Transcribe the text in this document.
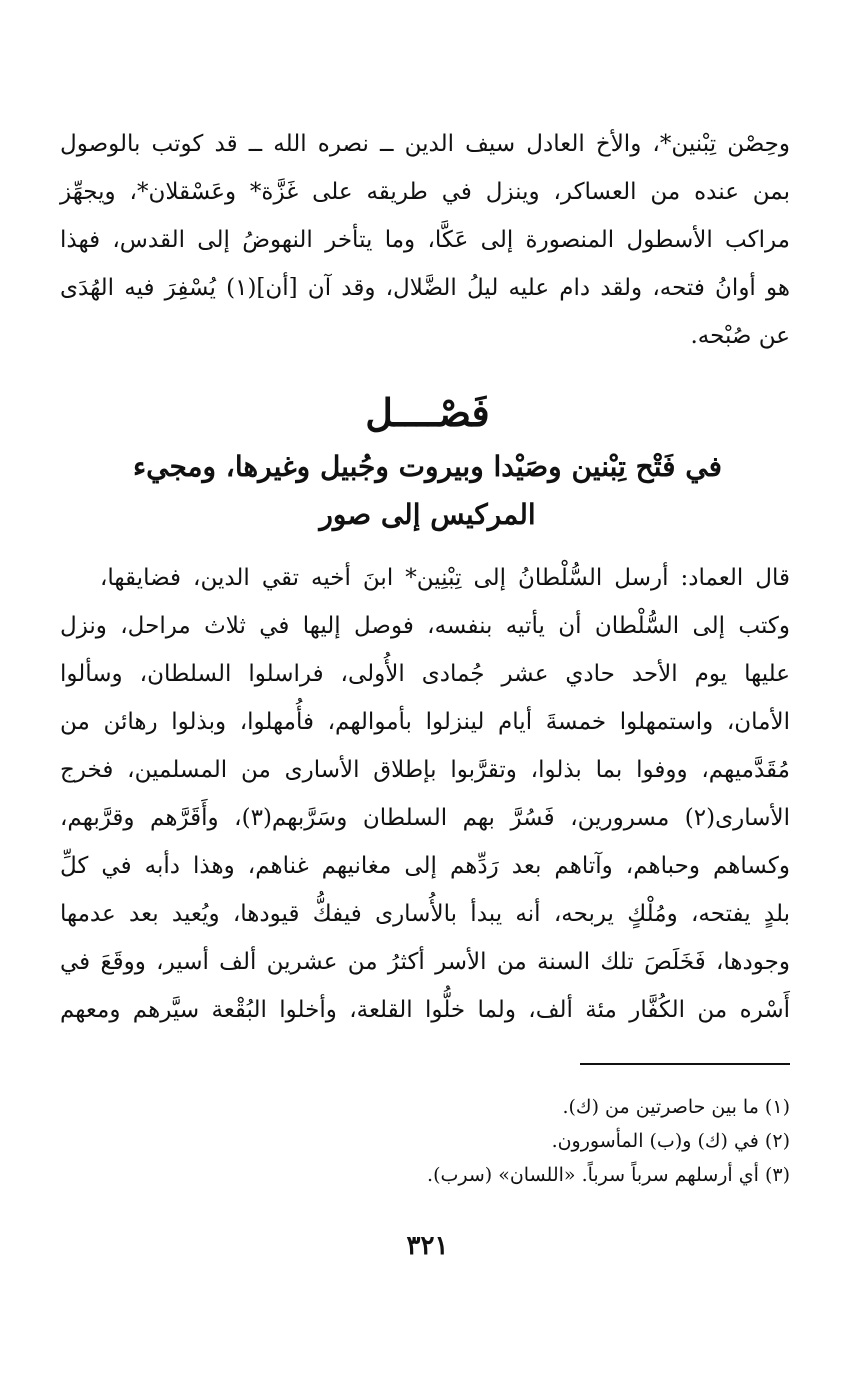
وحِصْن تِبْنين*، والأخ العادل سيف الدين ــ نصره الله ــ قد كوتب بالوصول
بمن عنده من العساكر، وينزل في طريقه على غَزَّة* وعَسْقلان*، ويجهِّز
مراكب الأسطول المنصورة إلى عَكَّا، وما يتأخر النهوضُ إلى القدس، فهذا
هو أوانُ فتحه، ولقد دام عليه ليلُ الضَّلال، وقد آن [أن](١) يُسْفِرَ فيه الهُدَى
عن صُبْحه.
فَصْــــل
في فَتْح تِبْنين وصَيْدا وبيروت وجُبيل وغيرها، ومجيء
المركيس إلى صور
قال العماد: أرسل السُّلْطانُ إلى تِبْنِين* ابنَ أخيه تقي الدين، فضايقها،
وكتب إلى السُّلْطان أن يأتيه بنفسه، فوصل إليها في ثلاث مراحل، ونزل
عليها يوم الأحد حادي عشر جُمادى الأُولى، فراسلوا السلطان، وسألوا
الأمان، واستمهلوا خمسةَ أيام لينزلوا بأموالهم، فأُمهلوا، وبذلوا رهائن من
مُقَدَّميهم، ووفوا بما بذلوا، وتقرَّبوا بإطلاق الأسارى من المسلمين، فخرج
الأسارى(٢) مسرورين، فَسُرَّ بهم السلطان وسَرَّبهم(٣)، وأَقَرَّهم وقرَّبهم،
وكساهم وحباهم، وآتاهم بعد رَدِّهم إلى مغانيهم غناهم، وهذا دأبه في كلِّ
بلدٍ يفتحه، ومُلْكٍ يربحه، أنه يبدأ بالأُسارى فيفكُّ قيودها، ويُعيد بعد عدمها
وجودها، فَخَلَصَ تلك السنة من الأسر أكثرُ من عشرين ألف أسير، ووقَعَ في
أَسْره من الكُفَّار مئة ألف، ولما خلُّوا القلعة، وأخلوا البُقْعة سيَّرهم ومعهم
(١) ما بين حاصرتين من (ك).
(٢) في (ك) و(ب) المأسورون.
(٣) أي أرسلهم سرباً سرباً. «اللسان» (سرب).
٣٢١
